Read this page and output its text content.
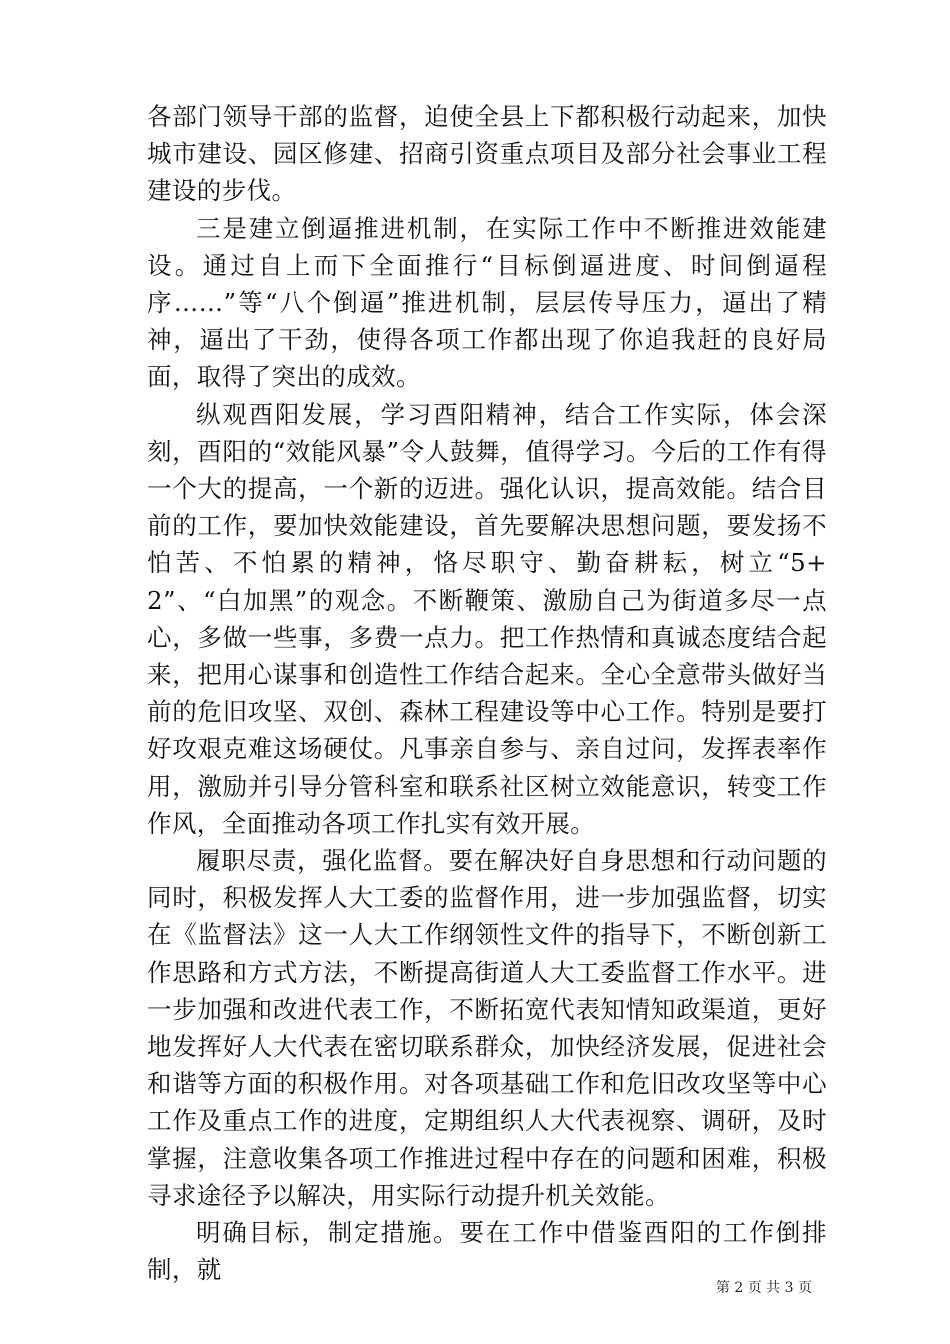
各部门领导干部的监督，迫使全县上下都积极行动起来，加快城市建设、园区修建、招商引资重点项目及部分社会事业工程建设的步伐。

三是建立倒逼推进机制，在实际工作中不断推进效能建设。通过自上而下全面推行“目标倒逼进度、时间倒逼程序……”等“八个倒逼”推进机制，层层传导压力，逼出了精神，逼出了干劲，使得各项工作都出现了你追我赶的良好局面，取得了突出的成效。

纵观酉阳发展，学习酉阳精神，结合工作实际，体会深刻，酉阳的“效能风暴”令人鼓舞，值得学习。今后的工作有得一个大的提高，一个新的迈进。强化认识，提高效能。结合目前的工作，要加快效能建设，首先要解决思想问题，要发扬不怕苦、不怕累的精神，恪尽职守、勤奋耕耘，树立“5+2”、“白加黑”的观念。不断鞭策、激励自己为街道多尽一点心，多做一些事，多费一点力。把工作热情和真诚态度结合起来，把用心谋事和创造性工作结合起来。全心全意带头做好当前的危旧攻坚、双创、森林工程建设等中心工作。特别是要打好攻艰克难这场硬仗。凡事亲自参与、亲自过问，发挥表率作用，激励并引导分管科室和联系社区树立效能意识，转变工作作风，全面推动各项工作扎实有效开展。

履职尽责，强化监督。要在解决好自身思想和行动问题的同时，积极发挥人大工委的监督作用，进一步加强监督，切实在《监督法》这一人大工作纲领性文件的指导下，不断创新工作思路和方式方法，不断提高街道人大工委监督工作水平。进一步加强和改进代表工作，不断拓宽代表知情知政渠道，更好地发挥好人大代表在密切联系群众，加快经济发展，促进社会和谐等方面的积极作用。对各项基础工作和危旧改攻坚等中心工作及重点工作的进度，定期组织人大代表视察、调研，及时掌握，注意收集各项工作推进过程中存在的问题和困难，积极寻求途径予以解决，用实际行动提升机关效能。

明确目标，制定措施。要在工作中借鉴酉阳的工作倒排制，就

第 2 页 共 3 页
